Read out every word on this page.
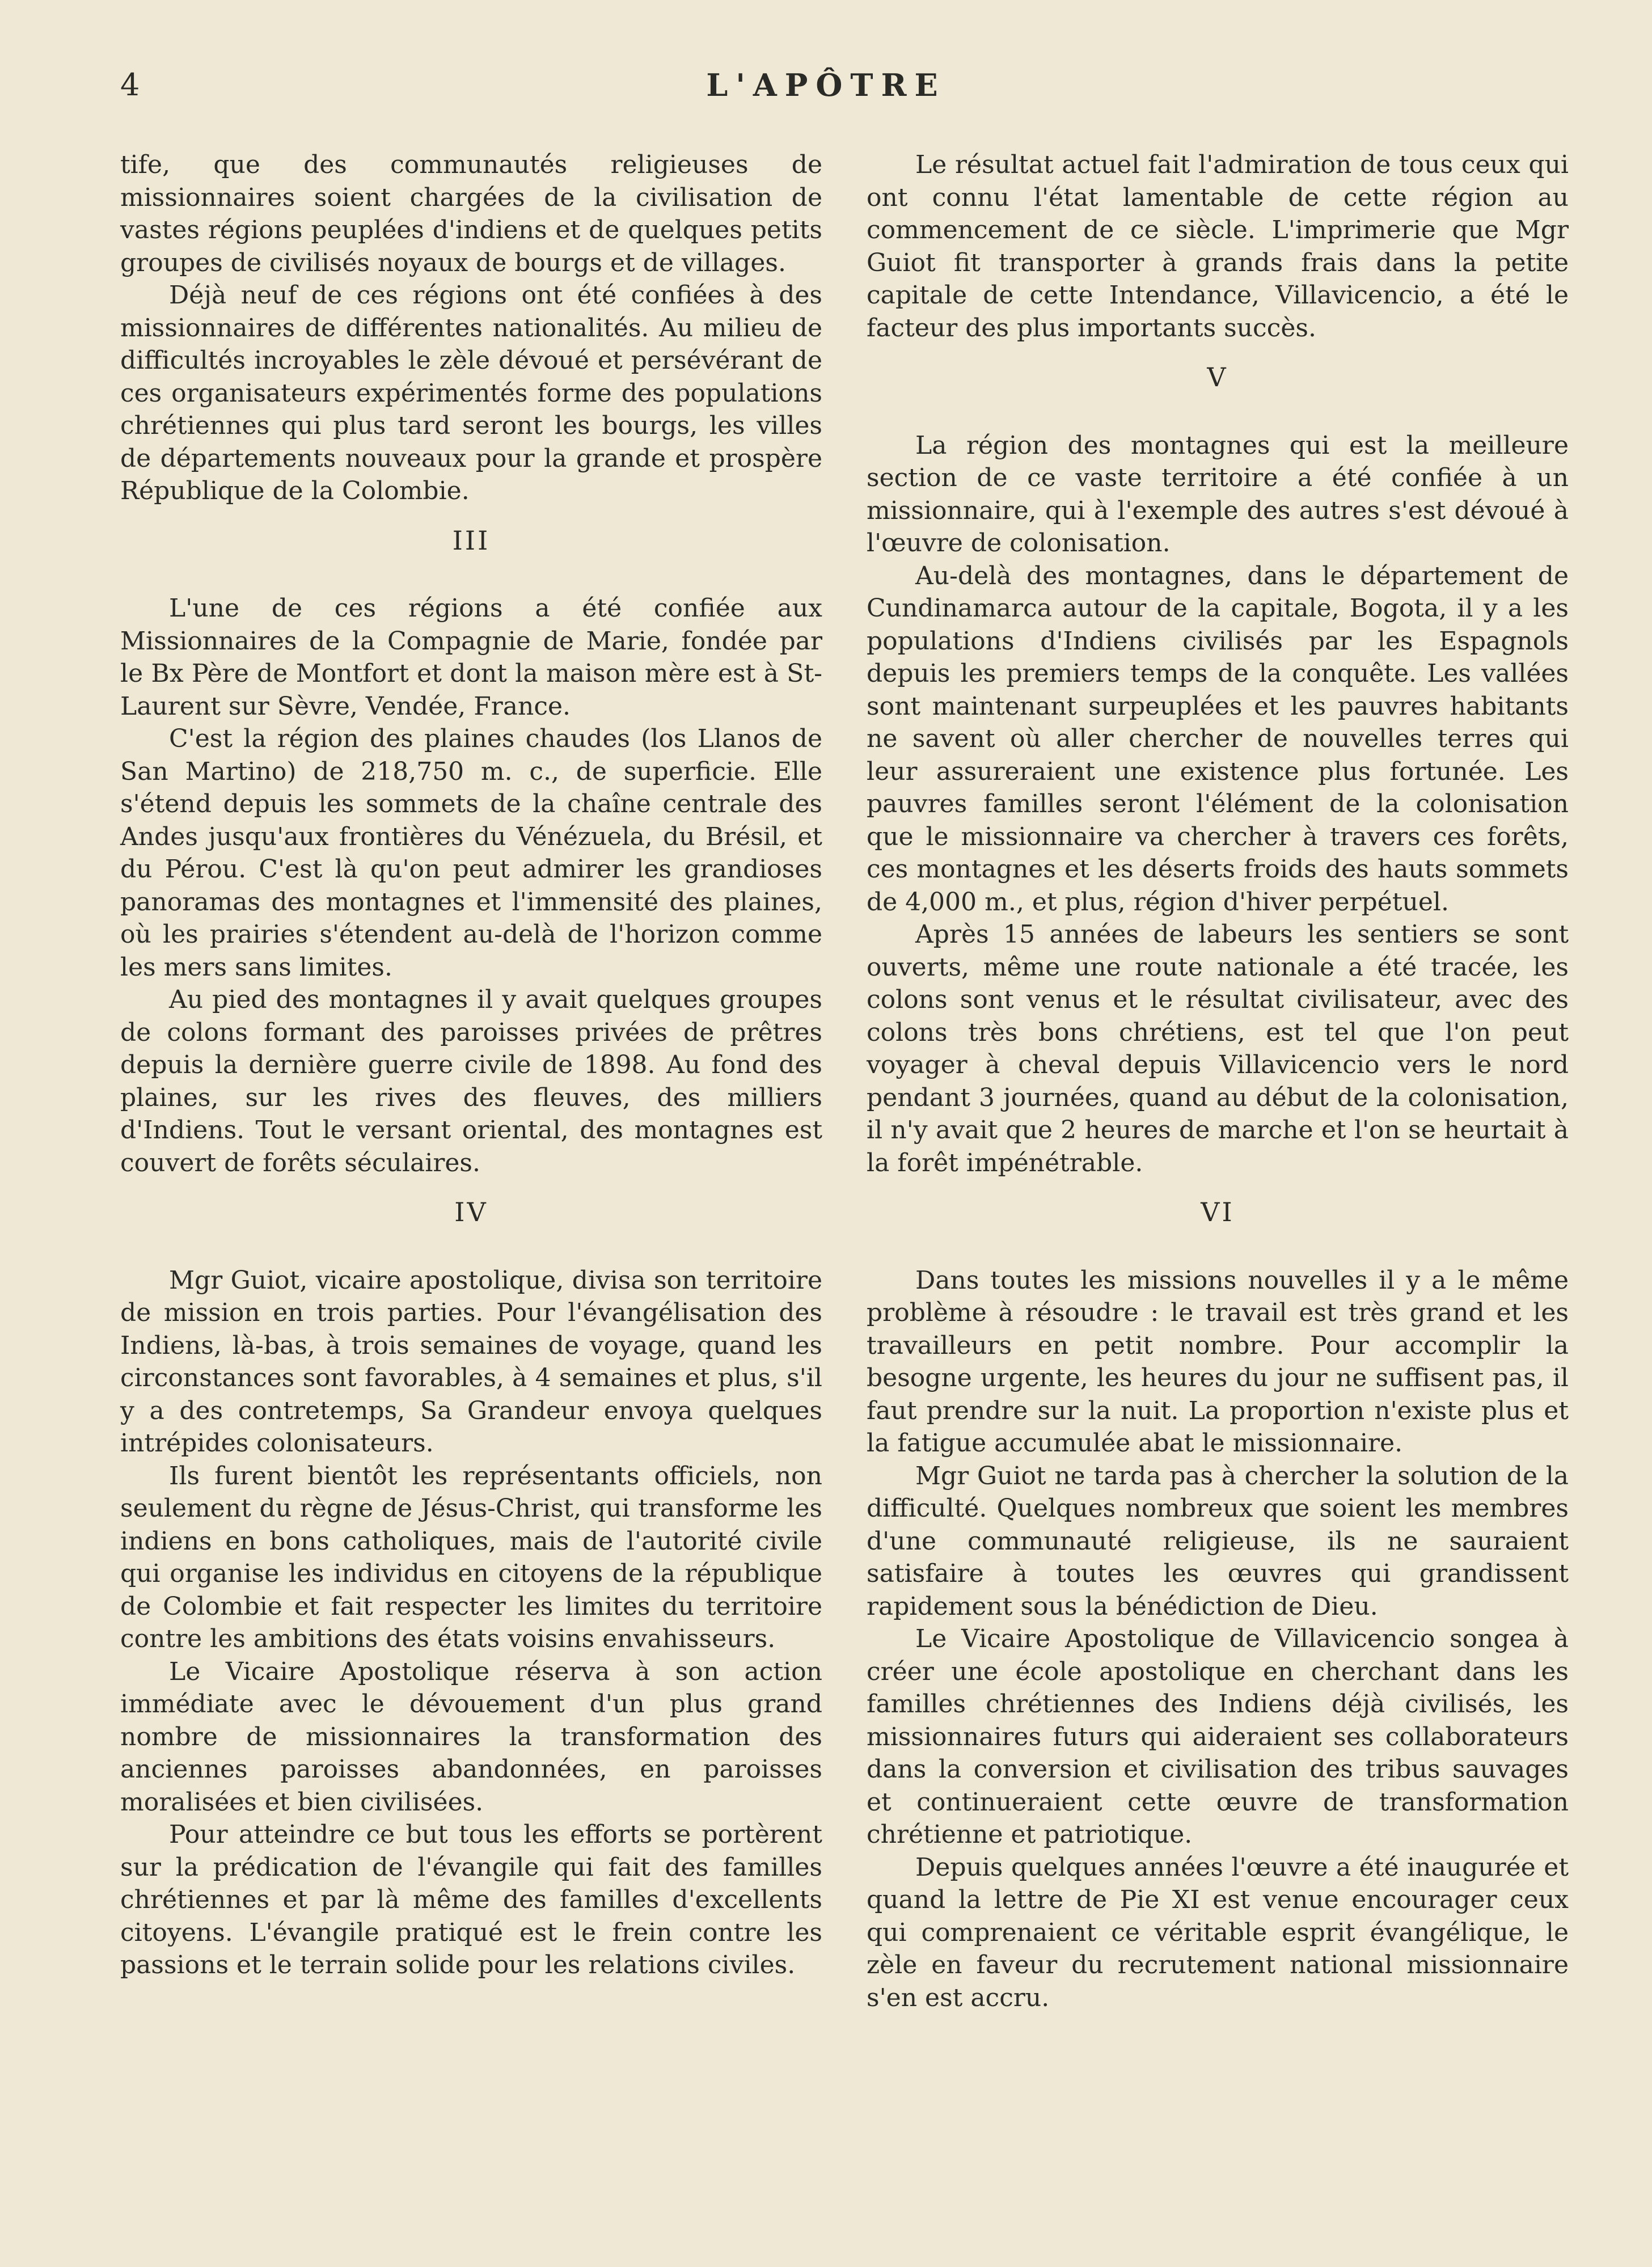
4	L'APÔTRE

tife, que des communautés religieuses de missionnaires soient chargées de la civilisation de vastes régions peuplées d'indiens et de quelques petits groupes de civilisés noyaux de bourgs et de villages.

Déjà neuf de ces régions ont été confiées à des missionnaires de différentes nationalités. Au milieu de difficultés incroyables le zèle dévoué et persévérant de ces organisateurs expérimentés forme des populations chrétiennes qui plus tard seront les bourgs, les villes de départements nouveaux pour la grande et prospère République de la Colombie.

III

L'une de ces régions a été confiée aux Missionnaires de la Compagnie de Marie, fondée par le Bx Père de Montfort et dont la maison mère est à St-Laurent sur Sèvre, Vendée, France.

C'est la région des plaines chaudes (los Llanos de San Martino) de 218,750 m. c., de superficie. Elle s'étend depuis les sommets de la chaîne centrale des Andes jusqu'aux frontières du Vénézuela, du Brésil, et du Pérou. C'est là qu'on peut admirer les grandioses panoramas des montagnes et l'immensité des plaines, où les prairies s'étendent au-delà de l'horizon comme les mers sans limites.

Au pied des montagnes il y avait quelques groupes de colons formant des paroisses privées de prêtres depuis la dernière guerre civile de 1898. Au fond des plaines, sur les rives des fleuves, des milliers d'Indiens. Tout le versant oriental, des montagnes est couvert de forêts séculaires.

IV

Mgr Guiot, vicaire apostolique, divisa son territoire de mission en trois parties. Pour l'évangélisation des Indiens, là-bas, à trois semaines de voyage, quand les circonstances sont favorables, à 4 semaines et plus, s'il y a des contretemps, Sa Grandeur envoya quelques intrépides colonisateurs.

Ils furent bientôt les représentants officiels, non seulement du règne de Jésus-Christ, qui transforme les indiens en bons catholiques, mais de l'autorité civile qui organise les individus en citoyens de la république de Colombie et fait respecter les limites du territoire contre les ambitions des états voisins envahisseurs.

Le Vicaire Apostolique réserva à son action immédiate avec le dévouement d'un plus grand nombre de missionnaires la transformation des anciennes paroisses abandonnées, en paroisses moralisées et bien civilisées.

Pour atteindre ce but tous les efforts se portèrent sur la prédication de l'évangile qui fait des familles chrétiennes et par là même des familles d'excellents citoyens. L'évangile pratiqué est le frein contre les passions et le terrain solide pour les relations civiles.

Le résultat actuel fait l'admiration de tous ceux qui ont connu l'état lamentable de cette région au commencement de ce siècle. L'imprimerie que Mgr Guiot fit transporter à grands frais dans la petite capitale de cette Intendance, Villavicencio, a été le facteur des plus importants succès.

V

La région des montagnes qui est la meilleure section de ce vaste territoire a été confiée à un missionnaire, qui à l'exemple des autres s'est dévoué à l'œuvre de colonisation.

Au-delà des montagnes, dans le département de Cundinamarca autour de la capitale, Bogota, il y a les populations d'Indiens civilisés par les Espagnols depuis les premiers temps de la conquête. Les vallées sont maintenant surpeuplées et les pauvres habitants ne savent où aller chercher de nouvelles terres qui leur assureraient une existence plus fortunée. Les pauvres familles seront l'élément de la colonisation que le missionnaire va chercher à travers ces forêts, ces montagnes et les déserts froids des hauts sommets de 4,000 m., et plus, région d'hiver perpétuel.

Après 15 années de labeurs les sentiers se sont ouverts, même une route nationale a été tracée, les colons sont venus et le résultat civilisateur, avec des colons très bons chrétiens, est tel que l'on peut voyager à cheval depuis Villavicencio vers le nord pendant 3 journées, quand au début de la colonisation, il n'y avait que 2 heures de marche et l'on se heurtait à la forêt impénétrable.

VI

Dans toutes les missions nouvelles il y a le même problème à résoudre : le travail est très grand et les travailleurs en petit nombre. Pour accomplir la besogne urgente, les heures du jour ne suffisent pas, il faut prendre sur la nuit. La proportion n'existe plus et la fatigue accumulée abat le missionnaire.

Mgr Guiot ne tarda pas à chercher la solution de la difficulté. Quelques nombreux que soient les membres d'une communauté religieuse, ils ne sauraient satisfaire à toutes les œuvres qui grandissent rapidement sous la bénédiction de Dieu.

Le Vicaire Apostolique de Villavicencio songea à créer une école apostolique en cherchant dans les familles chrétiennes des Indiens déjà civilisés, les missionnaires futurs qui aideraient ses collaborateurs dans la conversion et civilisation des tribus sauvages et continueraient cette œuvre de transformation chrétienne et patriotique.

Depuis quelques années l'œuvre a été inaugurée et quand la lettre de Pie XI est venue encourager ceux qui comprenaient ce véritable esprit évangélique, le zèle en faveur du recrutement national missionnaire s'en est accru.
